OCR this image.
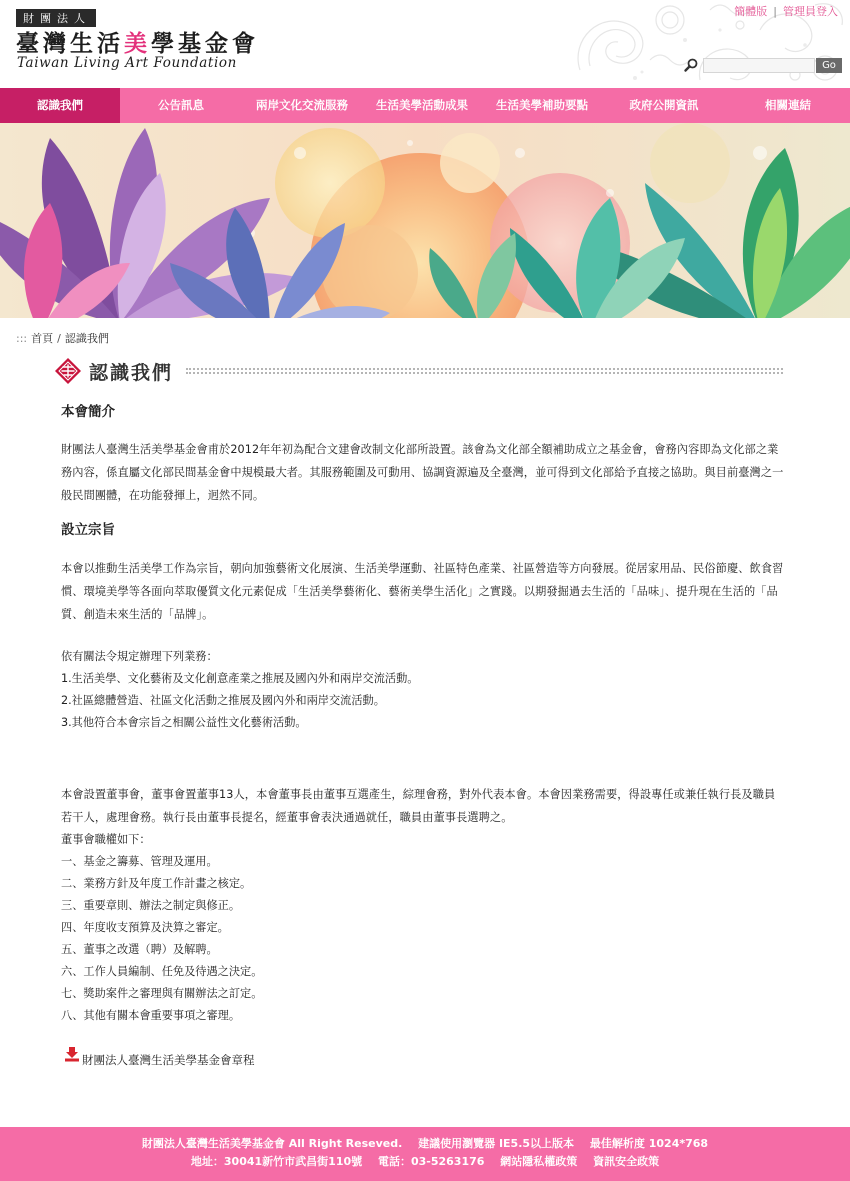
財團法人
臺灣生活美學基金會
Taiwan Living Art Foundation
簡體版 | 管理員登入
Go
認識我們	公告訊息	兩岸文化交流服務	生活美學活動成果	生活美學補助要點	政府公開資訊	相關連結
::: 首頁 / 認識我們
認識我們
本會簡介
財團法人臺灣生活美學基金會甫於2012年年初為配合文建會改制文化部所設置。該會為文化部全額補助成立之基金會，會務內容即為文化部之業務內容，係直屬文化部民間基金會中規模最大者。其服務範圍及可動用、協調資源遍及全臺灣，並可得到文化部給予直接之協助。與目前臺灣之一般民間團體，在功能發揮上，迥然不同。
設立宗旨
本會以推動生活美學工作為宗旨，朝向加強藝術文化展演、生活美學運動、社區特色產業、社區營造等方向發展。從居家用品、民俗節慶、飲食習慣、環境美學等各面向萃取優質文化元素促成「生活美學藝術化、藝術美學生活化」之實踐。以期發掘過去生活的「品味」、提升現在生活的「品質、創造未來生活的「品牌」。
依有關法令規定辦理下列業務：
1.生活美學、文化藝術及文化創意產業之推展及國內外和兩岸交流活動。
2.社區總體營造、社區文化活動之推展及國內外和兩岸交流活動。
3.其他符合本會宗旨之相關公益性文化藝術活動。
本會設置董事會，董事會置董事13人，本會董事長由董事互選產生，綜理會務，對外代表本會。本會因業務需要，得設專任或兼任執行長及職員若干人，處理會務。執行長由董事長提名，經董事會表決通過就任，職員由董事長選聘之。
董事會職權如下：
一、基金之籌募、管理及運用。
二、業務方針及年度工作計畫之核定。
三、重要章則、辦法之制定與修正。
四、年度收支預算及決算之審定。
五、董事之改選（聘）及解聘。
六、工作人員編制、任免及待遇之決定。
七、獎助案件之審理與有關辦法之訂定。
八、其他有關本會重要事項之審理。
財團法人臺灣生活美學基金會章程
財團法人臺灣生活美學基金會 All Right Reseved. 建議使用瀏覽器 IE5.5以上版本 最佳解析度 1024*768
地址：30041新竹市武昌街110號 電話：03-5263176 網站隱私權政策 資訊安全政策
